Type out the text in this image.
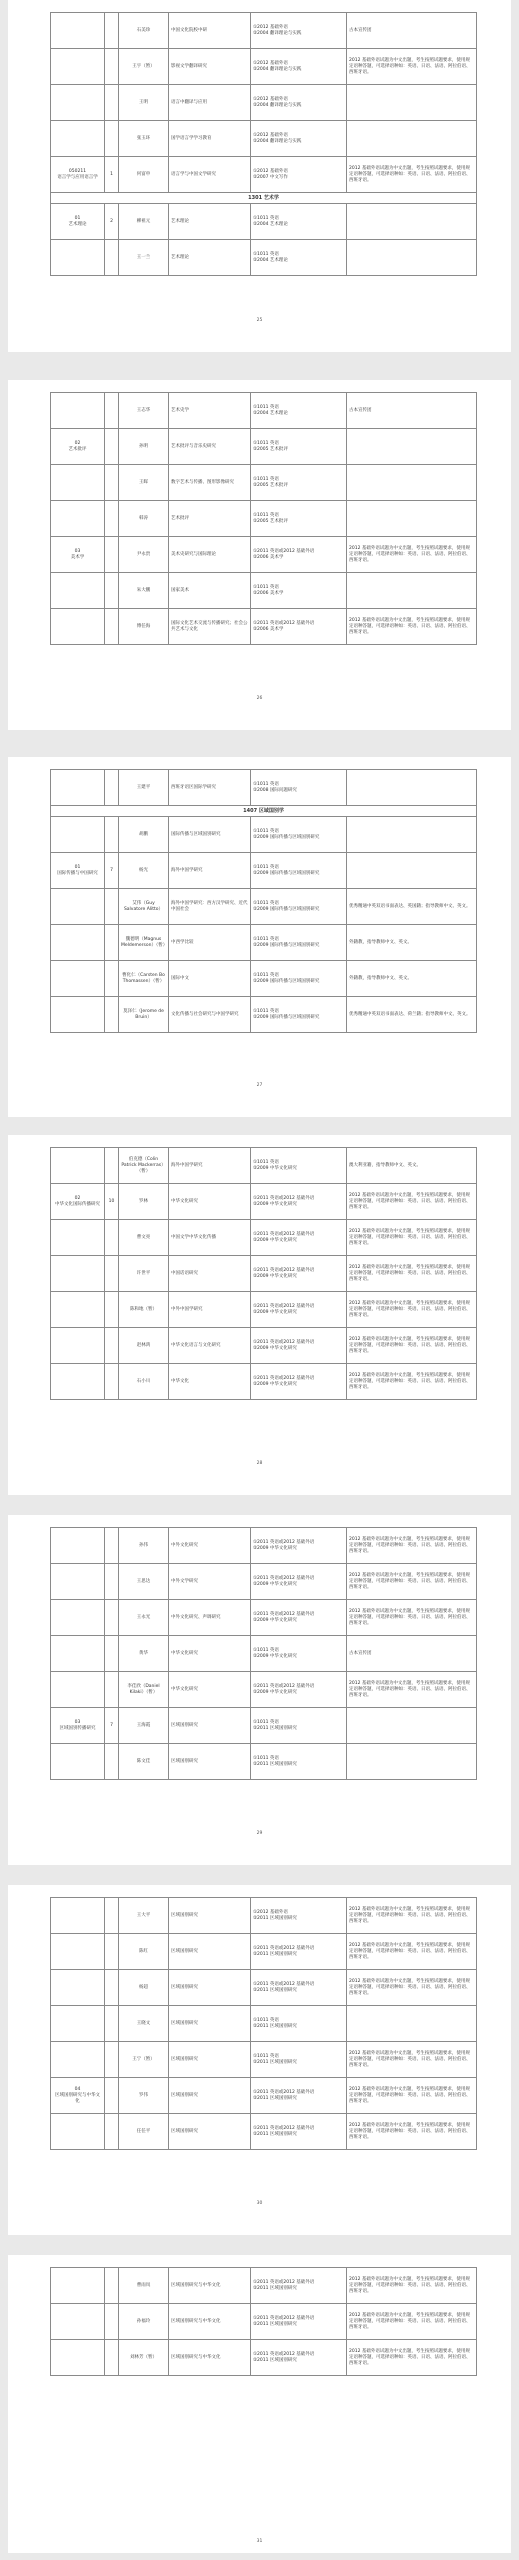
		石美珍	中国文化院校中研	①2012 基础外语
②2004 翻译理论与实践	古本宣传团
		王宇（暂）	影视文学翻译研究	①2012 基础外语
②2004 翻译理论与实践	2012 基础外语试题为中文出题，考生按照试题要求，使用规定语种答题，可选择语种如：英语、日语、法语、阿拉伯语、西班牙语。
		王明	语言中翻译与应用	①2012 基础外语
②2004 翻译理论与实践	
		张玉环	国学语言学学习教育	①2012 基础外语
②2004 翻译理论与实践	
050211
语言学与应用语言学	1	何富申	语言学与中国文学研究	①2012 基础外语
②2007 中文写作	2012 基础外语试题为中文出题，考生按照试题要求，使用规定语种答题，可选择语种如：英语、日语、法语、阿拉伯语、西班牙语。
1301 艺术学					
01
艺术理论	2	柳祖元	艺术理论	①1011 英语
②2004 艺术理论	
		王一兰	艺术理论	①1011 英语
②2004 艺术理论	
25
		王志华	艺术史学	①1011 英语
②2004 艺术理论	古本宣传团
02
艺术批评		孙明	艺术批评与音乐史研究	①1011 英语
②2005 艺术批评	
		王晖	数字艺术与传播、图形影像研究	①1011 英语
②2005 艺术批评	
		韩涛	艺术批评	①1011 英语
②2005 艺术批评	
03
美术学		尹永贵	美术史研究与国际理论	①2011 英语或2012 基础外语
②2006 美术学	2012 基础外语试题为中文出题，考生按照试题要求，使用规定语种答题，可选择语种如：英语、日语、法语、阿拉伯语、西班牙语。
		朱大鹏	国家美术	①1011 英语
②2006 美术学	
		傅任海	国际文化艺术交流与传播研究；社会公共艺术与文化	①2011 英语或2012 基础外语
②2006 美术学	2012 基础外语试题为中文出题，考生按照试题要求，使用规定语种答题，可选择语种如：英语、日语、法语、阿拉伯语、西班牙语。
26
		王建平	西班牙语区国际学研究	①1011 英语
②2008 国际问题研究	
1407 区域国别学					
		胡鹏	国际传播与区域国别研究	①1011 英语
②2009 国际传播与区域国别研究	
01
国际传播与中国研究	7	杨光	海外中国学研究	①1011 英语
②2009 国际传播与区域国别研究	
		艾伟（Guy Salvatore Alitto）	海外中国学研究：西方汉学研究、近代中国社会	①1011 英语
②2009 国际传播与区域国别研究	优秀精通中英双语书面表达、英国籍；指导教师中文、英文。
		魏德明（Magnus Meldemerson）（暂）	中西学比较	①1011 英语
②2009 国际传播与区域国别研究	外籍教，指导教师中文、英文。
		曹化仁（Carsten Bo Thomassen）（暂）	国际中文	①1011 英语
②2009 国际传播与区域国别研究	外籍教，指导教师中文、英文。
		莫泽仁（Jerome de Bruin）	文化传播与社会研究与中国学研究	①1011 英语
②2009 国际传播与区域国别研究	优秀精通中英双语书面表达、荷兰籍；指导教师中文、英文。
27
		伯克德（Colin Patrick Mackerras）（暂）	海外中国学研究	①1011 英语
②2009 中华文化研究	澳大利亚籍，指导教师中文、英文。
02
中华文化国际传播研究	10	罗林	中华文化研究	①2011 英语或2012 基础外语
②2009 中华文化研究	2012 基础外语试题为中文出题，考生按照试题要求，使用规定语种答题，可选择语种如：英语、日语、法语、阿拉伯语、西班牙语。
		曹文亮	中国文学中华文化传播	①2011 英语或2012 基础外语
②2009 中华文化研究	2012 基础外语试题为中文出题，考生按照试题要求，使用规定语种答题，可选择语种如：英语、日语、法语、阿拉伯语、西班牙语。
		许世平	中国话语研究	①2011 英语或2012 基础外语
②2009 中华文化研究	2012 基础外语试题为中文出题，考生按照试题要求，使用规定语种答题，可选择语种如：英语、日语、法语、阿拉伯语、西班牙语。
		陈和地（暂）	中外中国学研究	①2011 英语或2012 基础外语
②2009 中华文化研究	2012 基础外语试题为中文出题，考生按照试题要求，使用规定语种答题，可选择语种如：英语、日语、法语、阿拉伯语、西班牙语。
		赵林鸿	中华文化语言与文化研究	①2011 英语或2012 基础外语
②2009 中华文化研究	2012 基础外语试题为中文出题，考生按照试题要求，使用规定语种答题，可选择语种如：英语、日语、法语、阿拉伯语、西班牙语。
		石小川	中华文化	①2011 英语或2012 基础外语
②2009 中华文化研究	2012 基础外语试题为中文出题，考生按照试题要求，使用规定语种答题，可选择语种如：英语、日语、法语、阿拉伯语、西班牙语。
28
		孙伟	中外文化研究	①2011 英语或2012 基础外语
②2009 中华文化研究	2012 基础外语试题为中文出题，考生按照试题要求，使用规定语种答题，可选择语种如：英语、日语、法语、阿拉伯语、西班牙语。
		王思达	中外文学研究	①2011 英语或2012 基础外语
②2009 中华文化研究	2012 基础外语试题为中文出题，考生按照试题要求，使用规定语种答题，可选择语种如：英语、日语、法语、阿拉伯语、西班牙语。
		王永光	中外文化研究、声调研究	①2011 英语或2012 基础外语
②2009 中华文化研究	2012 基础外语试题为中文出题，考生按照试题要求，使用规定语种答题，可选择语种如：英语、日语、法语、阿拉伯语、西班牙语。
		黄华	中华文化研究	①1011 英语
②2009 中华文化研究	古本宣传团
		李佳欣（Daniel Kilaki）（暂）	中华文化研究	①2011 英语或2012 基础外语
②2009 中华文化研究	2012 基础外语试题为中文出题，考生按照试题要求，使用规定语种答题，可选择语种如：英语、日语、法语、阿拉伯语、西班牙语。
03
区域国别传播研究	7	王海霞	区域国别研究	①1011 英语
②2011 区域国别研究	
		陈文佳	区域国别研究	①1011 英语
②2011 区域国别研究	
29
		王大平	区域国别研究	①2012 基础外语
②2011 区域国别研究	2012 基础外语试题为中文出题，考生按照试题要求，使用规定语种答题，可选择语种如：英语、日语、法语、阿拉伯语、西班牙语。
		陈红	区域国别研究	①2011 英语或2012 基础外语
②2011 区域国别研究	2012 基础外语试题为中文出题，考生按照试题要求，使用规定语种答题，可选择语种如：英语、日语、法语、阿拉伯语、西班牙语。
		杨超	区域国别研究	①2011 英语或2012 基础外语
②2011 区域国别研究	2012 基础外语试题为中文出题，考生按照试题要求，使用规定语种答题，可选择语种如：英语、日语、法语、阿拉伯语、西班牙语。
		王晓文	区域国别研究	①1011 英语
②2011 区域国别研究	
		王宁（暂）	区域国别研究	①1011 英语
②2011 区域国别研究	2012 基础外语试题为中文出题，考生按照试题要求，使用规定语种答题，可选择语种如：英语、日语、法语、阿拉伯语、西班牙语。
04
区域国别研究与中华文化		罗伟	区域国别研究	①2011 英语或2012 基础外语
②2011 区域国别研究	2012 基础外语试题为中文出题，考生按照试题要求，使用规定语种答题，可选择语种如：英语、日语、法语、阿拉伯语、西班牙语。
		任任平	区域国别研究	①2011 英语或2012 基础外语
②2011 区域国别研究	2012 基础外语试题为中文出题，考生按照试题要求，使用规定语种答题，可选择语种如：英语、日语、法语、阿拉伯语、西班牙语。
30
		曹雨岚	区域国别研究与中华文化	①2011 英语或2012 基础外语
②2011 区域国别研究	2012 基础外语试题为中文出题，考生按照试题要求，使用规定语种答题，可选择语种如：英语、日语、法语、阿拉伯语、西班牙语。
		孙福玲	区域国别研究与中华文化	①2011 英语或2012 基础外语
②2011 区域国别研究	2012 基础外语试题为中文出题，考生按照试题要求，使用规定语种答题，可选择语种如：英语、日语、法语、阿拉伯语、西班牙语。
		刘林芳（暂）	区域国别研究与中华文化	①2011 英语或2012 基础外语
②2011 区域国别研究	2012 基础外语试题为中文出题，考生按照试题要求，使用规定语种答题，可选择语种如：英语、日语、法语、阿拉伯语、西班牙语。
31
